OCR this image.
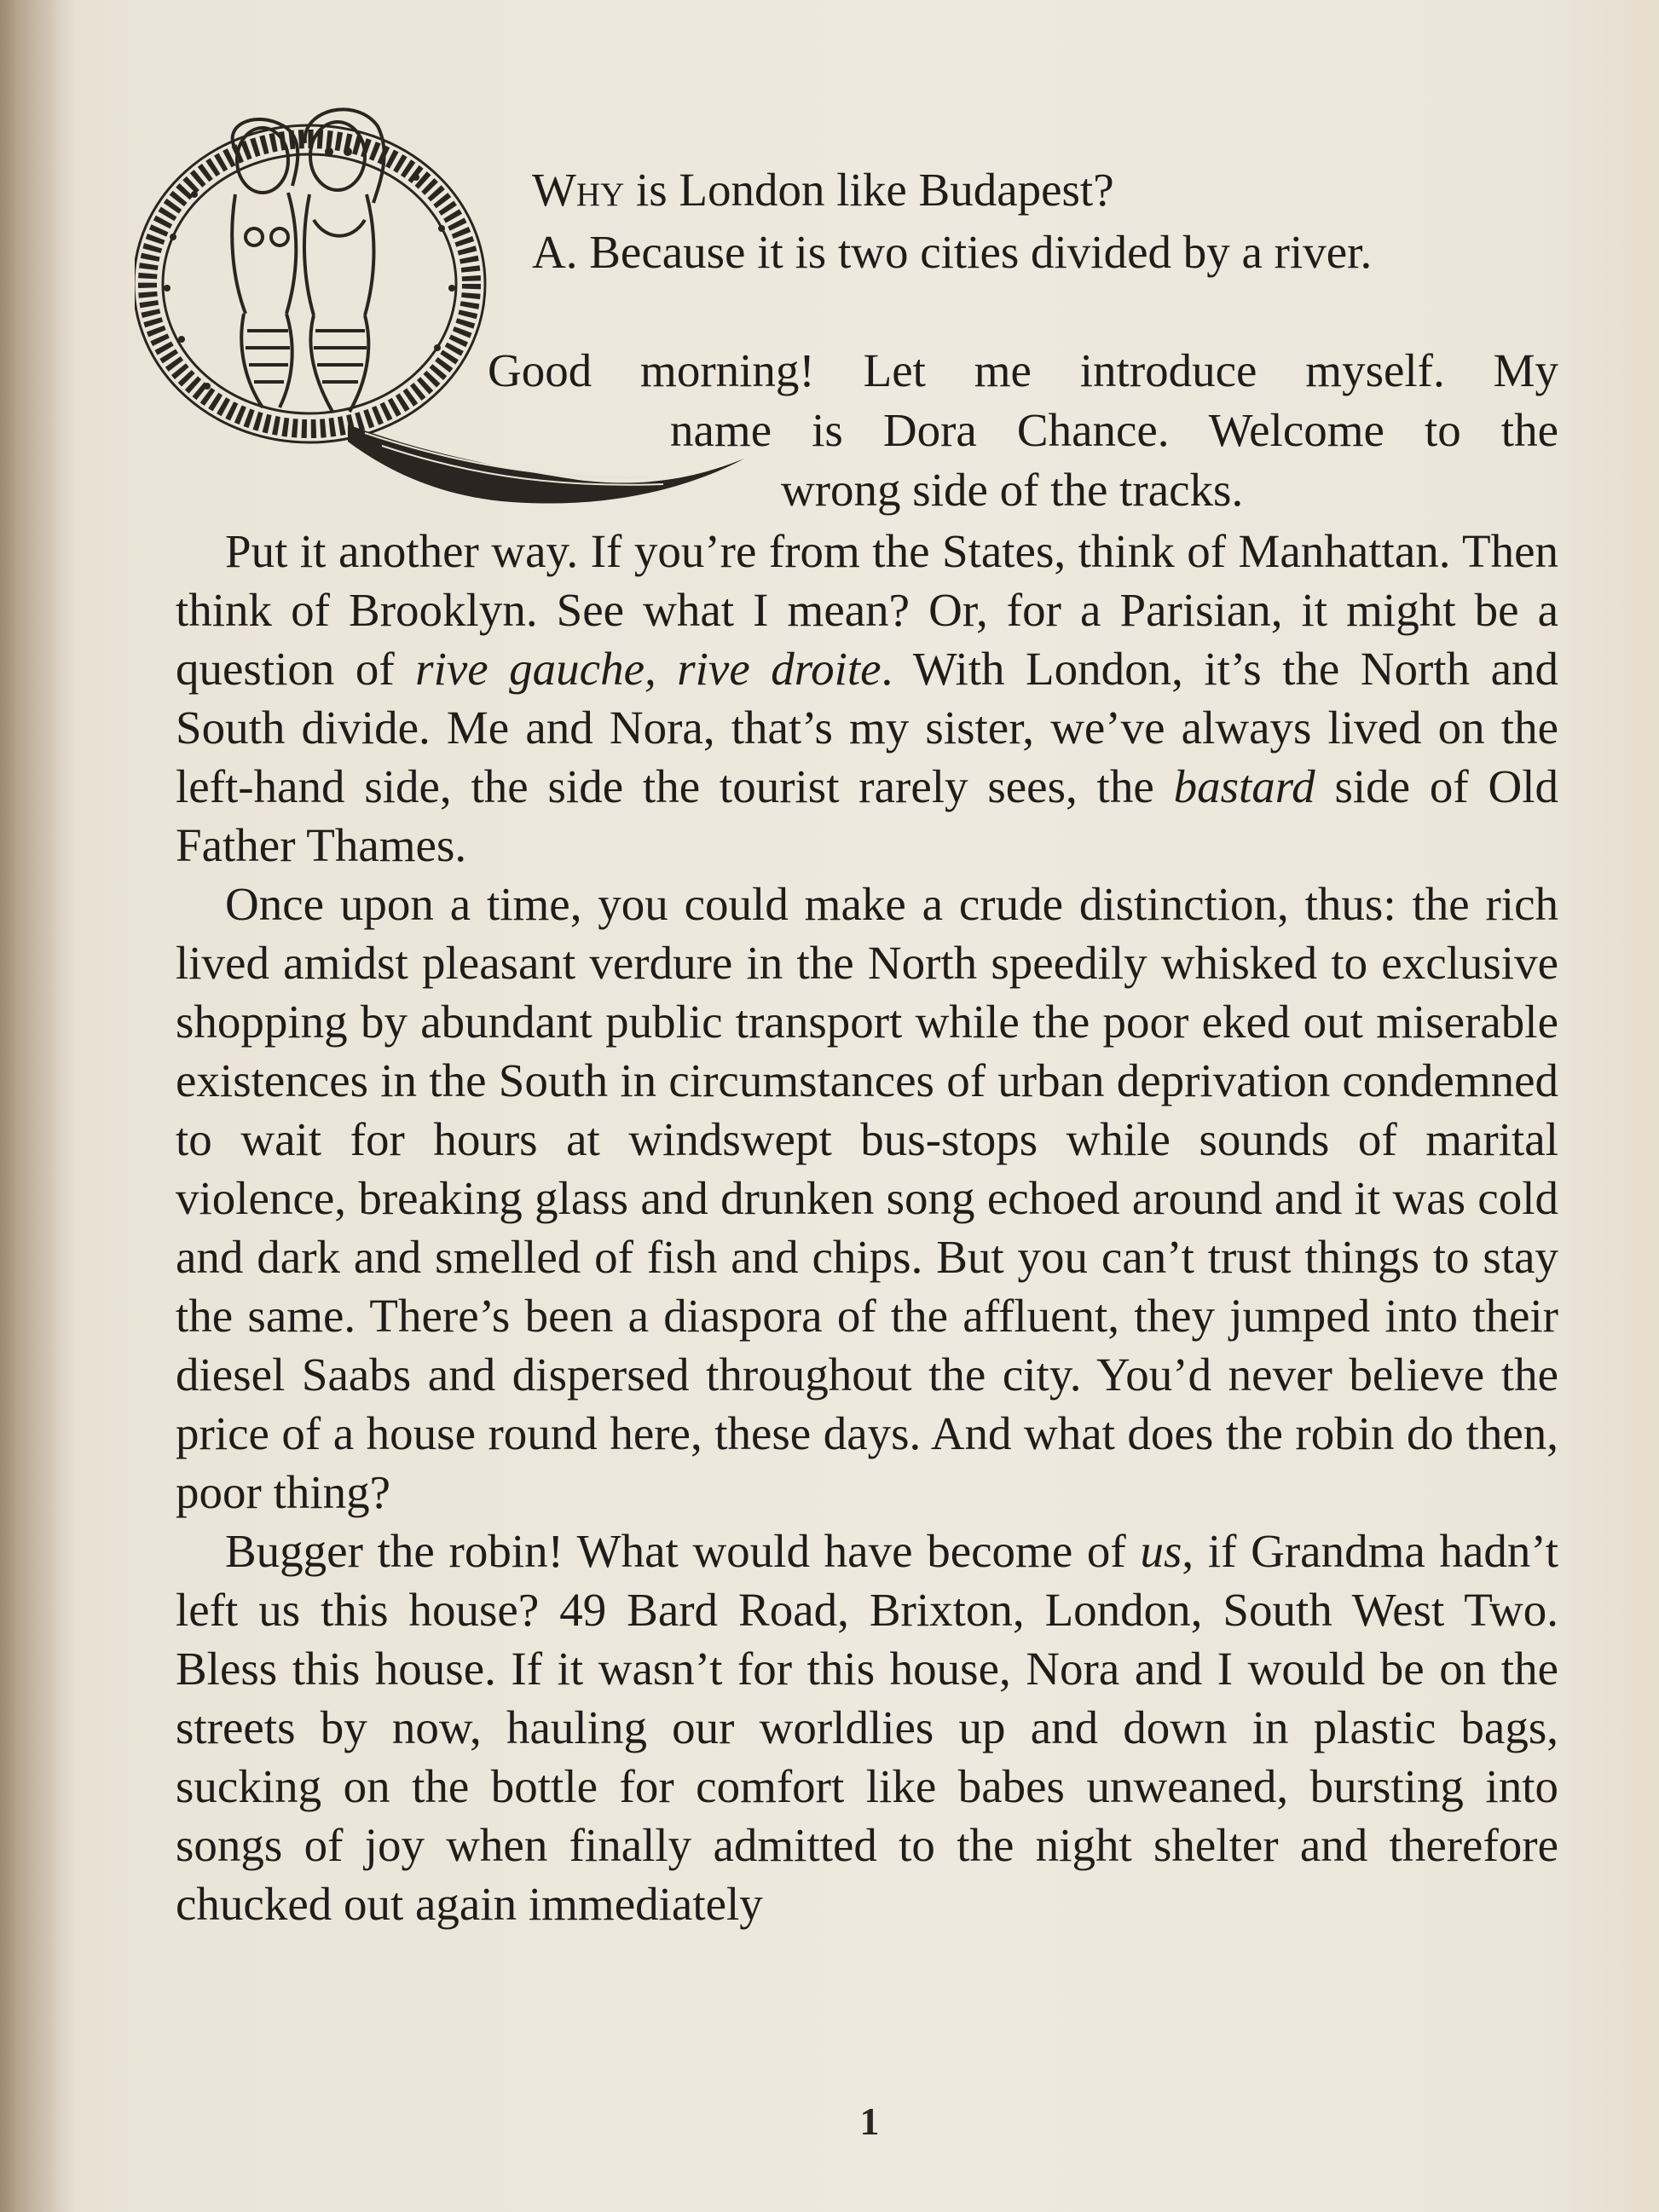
Why is London like Budapest?
A. Because it is two cities divided by a river.
Good morning! Let me introduce myself. My
name is Dora Chance. Welcome to the
wrong side of the tracks.

Put it another way. If you’re from the States, think of Manhattan. Then think of Brooklyn. See what I mean? Or, for a Parisian, it might be a question of rive gauche, rive droite. With London, it’s the North and South divide. Me and Nora, that’s my sister, we’ve always lived on the left-hand side, the side the tourist rarely sees, the bastard side of Old Father Thames.

Once upon a time, you could make a crude distinction, thus: the rich lived amidst pleasant verdure in the North speedily whisked to exclusive shopping by abundant public transport while the poor eked out miserable existences in the South in circumstances of urban deprivation condemned to wait for hours at windswept bus-stops while sounds of marital violence, breaking glass and drunken song echoed around and it was cold and dark and smelled of fish and chips. But you can’t trust things to stay the same. There’s been a diaspora of the affluent, they jumped into their diesel Saabs and dispersed throughout the city. You’d never believe the price of a house round here, these days. And what does the robin do then, poor thing?

Bugger the robin! What would have become of us, if Grandma hadn’t left us this house? 49 Bard Road, Brixton, London, South West Two. Bless this house. If it wasn’t for this house, Nora and I would be on the streets by now, hauling our worldlies up and down in plastic bags, sucking on the bottle for comfort like babes unweaned, bursting into songs of joy when finally admitted to the night shelter and therefore chucked out again immediately

1
